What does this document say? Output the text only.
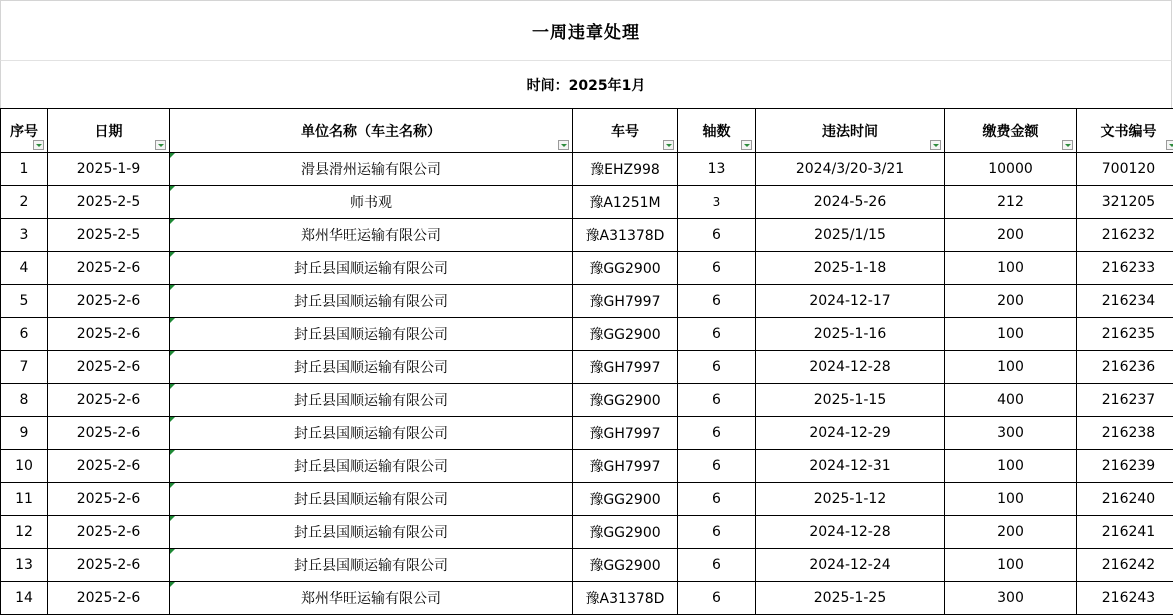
一周违章处理
时间：2025年1月
序号	日期	单位名称（车主名称）	车号	轴数	违法时间	缴费金额	文书编号

1	2025-1-9	滑县滑州运输有限公司	豫EHZ998	13	2024/3/20-3/21	10000	700120
2	2025-2-5	师书观	豫A1251M	3	2024-5-26	212	321205
3	2025-2-5	郑州华旺运输有限公司	豫A31378D	6	2025/1/15	200	216232
4	2025-2-6	封丘县国顺运输有限公司	豫GG2900	6	2025-1-18	100	216233
5	2025-2-6	封丘县国顺运输有限公司	豫GH7997	6	2024-12-17	200	216234
6	2025-2-6	封丘县国顺运输有限公司	豫GG2900	6	2025-1-16	100	216235
7	2025-2-6	封丘县国顺运输有限公司	豫GH7997	6	2024-12-28	100	216236
8	2025-2-6	封丘县国顺运输有限公司	豫GG2900	6	2025-1-15	400	216237
9	2025-2-6	封丘县国顺运输有限公司	豫GH7997	6	2024-12-29	300	216238
10	2025-2-6	封丘县国顺运输有限公司	豫GH7997	6	2024-12-31	100	216239
11	2025-2-6	封丘县国顺运输有限公司	豫GG2900	6	2025-1-12	100	216240
12	2025-2-6	封丘县国顺运输有限公司	豫GG2900	6	2024-12-28	200	216241
13	2025-2-6	封丘县国顺运输有限公司	豫GG2900	6	2024-12-24	100	216242
14	2025-2-6	郑州华旺运输有限公司	豫A31378D	6	2025-1-25	300	216243
